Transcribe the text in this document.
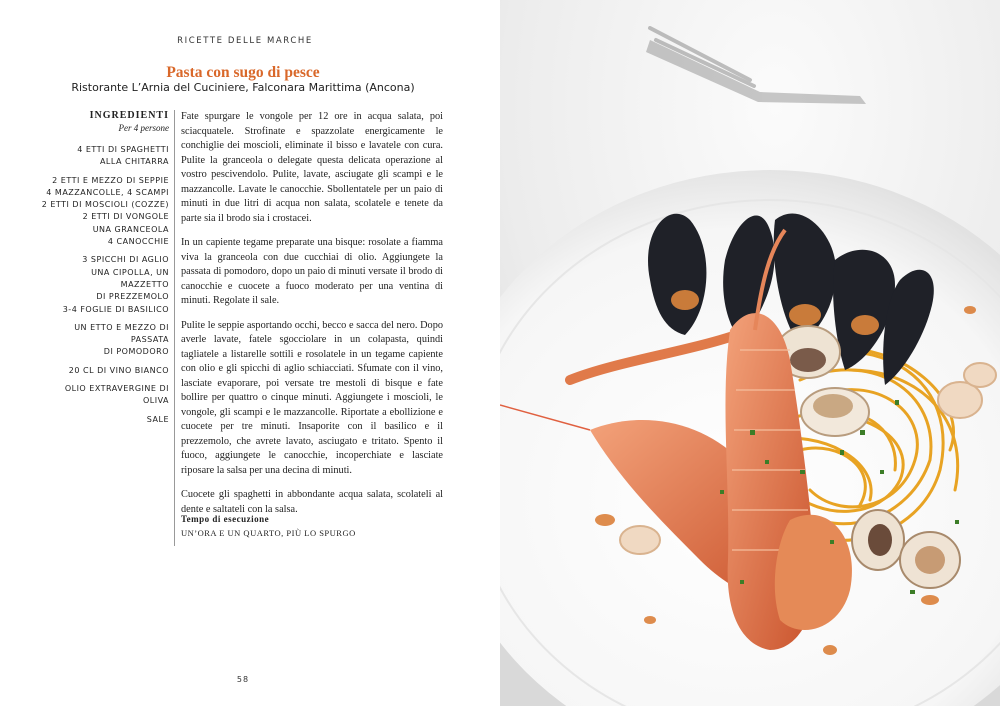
RICETTE DELLE MARCHE
Pasta con sugo di pesce
Ristorante L’Arnia del Cuciniere, Falconara Marittima (Ancona)
INGREDIENTI
Per 4 persone
4 ETTI DI SPAGHETTI
ALLA CHITARRA
2 ETTI E MEZZO DI SEPPIE
4 MAZZANCOLLE, 4 SCAMPI
2 ETTI DI MOSCIOLI (COZZE)
2 ETTI DI VONGOLE
UNA GRANCEOLA
4 CANOCCHIE
3 SPICCHI DI AGLIO
UNA CIPOLLA, UN MAZZETTO
DI PREZZEMOLO
3-4 FOGLIE DI BASILICO
UN ETTO E MEZZO DI PASSATA
DI POMODORO
20 CL DI VINO BIANCO
OLIO EXTRAVERGINE DI OLIVA
SALE

Fate spurgare le vongole per 12 ore in acqua salata, poi sciacquatele. Strofinate e spazzolate energicamente le conchiglie dei moscioli, eliminate il bisso e lavatele con cura. Pulite la granceola o delegate questa delicata operazione al vostro pescivendolo. Pulite, lavate, asciugate gli scampi e le mazzancolle. Lavate le canocchie. Sbollentatele per un paio di minuti in due litri di acqua non salata, scolatele e tenete da parte sia il brodo sia i crostacei.

In un capiente tegame preparate una bisque: rosolate a fiamma viva la granceola con due cucchiai di olio. Aggiungete la passata di pomodoro, dopo un paio di minuti versate il brodo di canocchie e cuocete a fuoco moderato per una ventina di minuti. Regolate il sale.

Pulite le seppie asportando occhi, becco e sacca del nero. Dopo averle lavate, fatele sgocciolare in un colapasta, quindi tagliatele a listarelle sottili e rosolatele in un tegame capiente con olio e gli spicchi di aglio schiacciati. Sfumate con il vino, lasciate evaporare, poi versate tre mestoli di bisque e fate bollire per quattro o cinque minuti. Aggiungete i moscioli, le vongole, gli scampi e le mazzancolle. Riportate a ebollizione e cuocete per tre minuti. Insaporite con il basilico e il prezzemolo, che avrete lavato, asciugato e tritato. Spento il fuoco, aggiungete le canocchie, incoperchiate e lasciate riposare la salsa per una decina di minuti.

Cuocete gli spaghetti in abbondante acqua salata, scolateli al dente e saltateli con la salsa.

Tempo di esecuzione
UN’ORA E UN QUARTO, PIÙ LO SPURGO
58
